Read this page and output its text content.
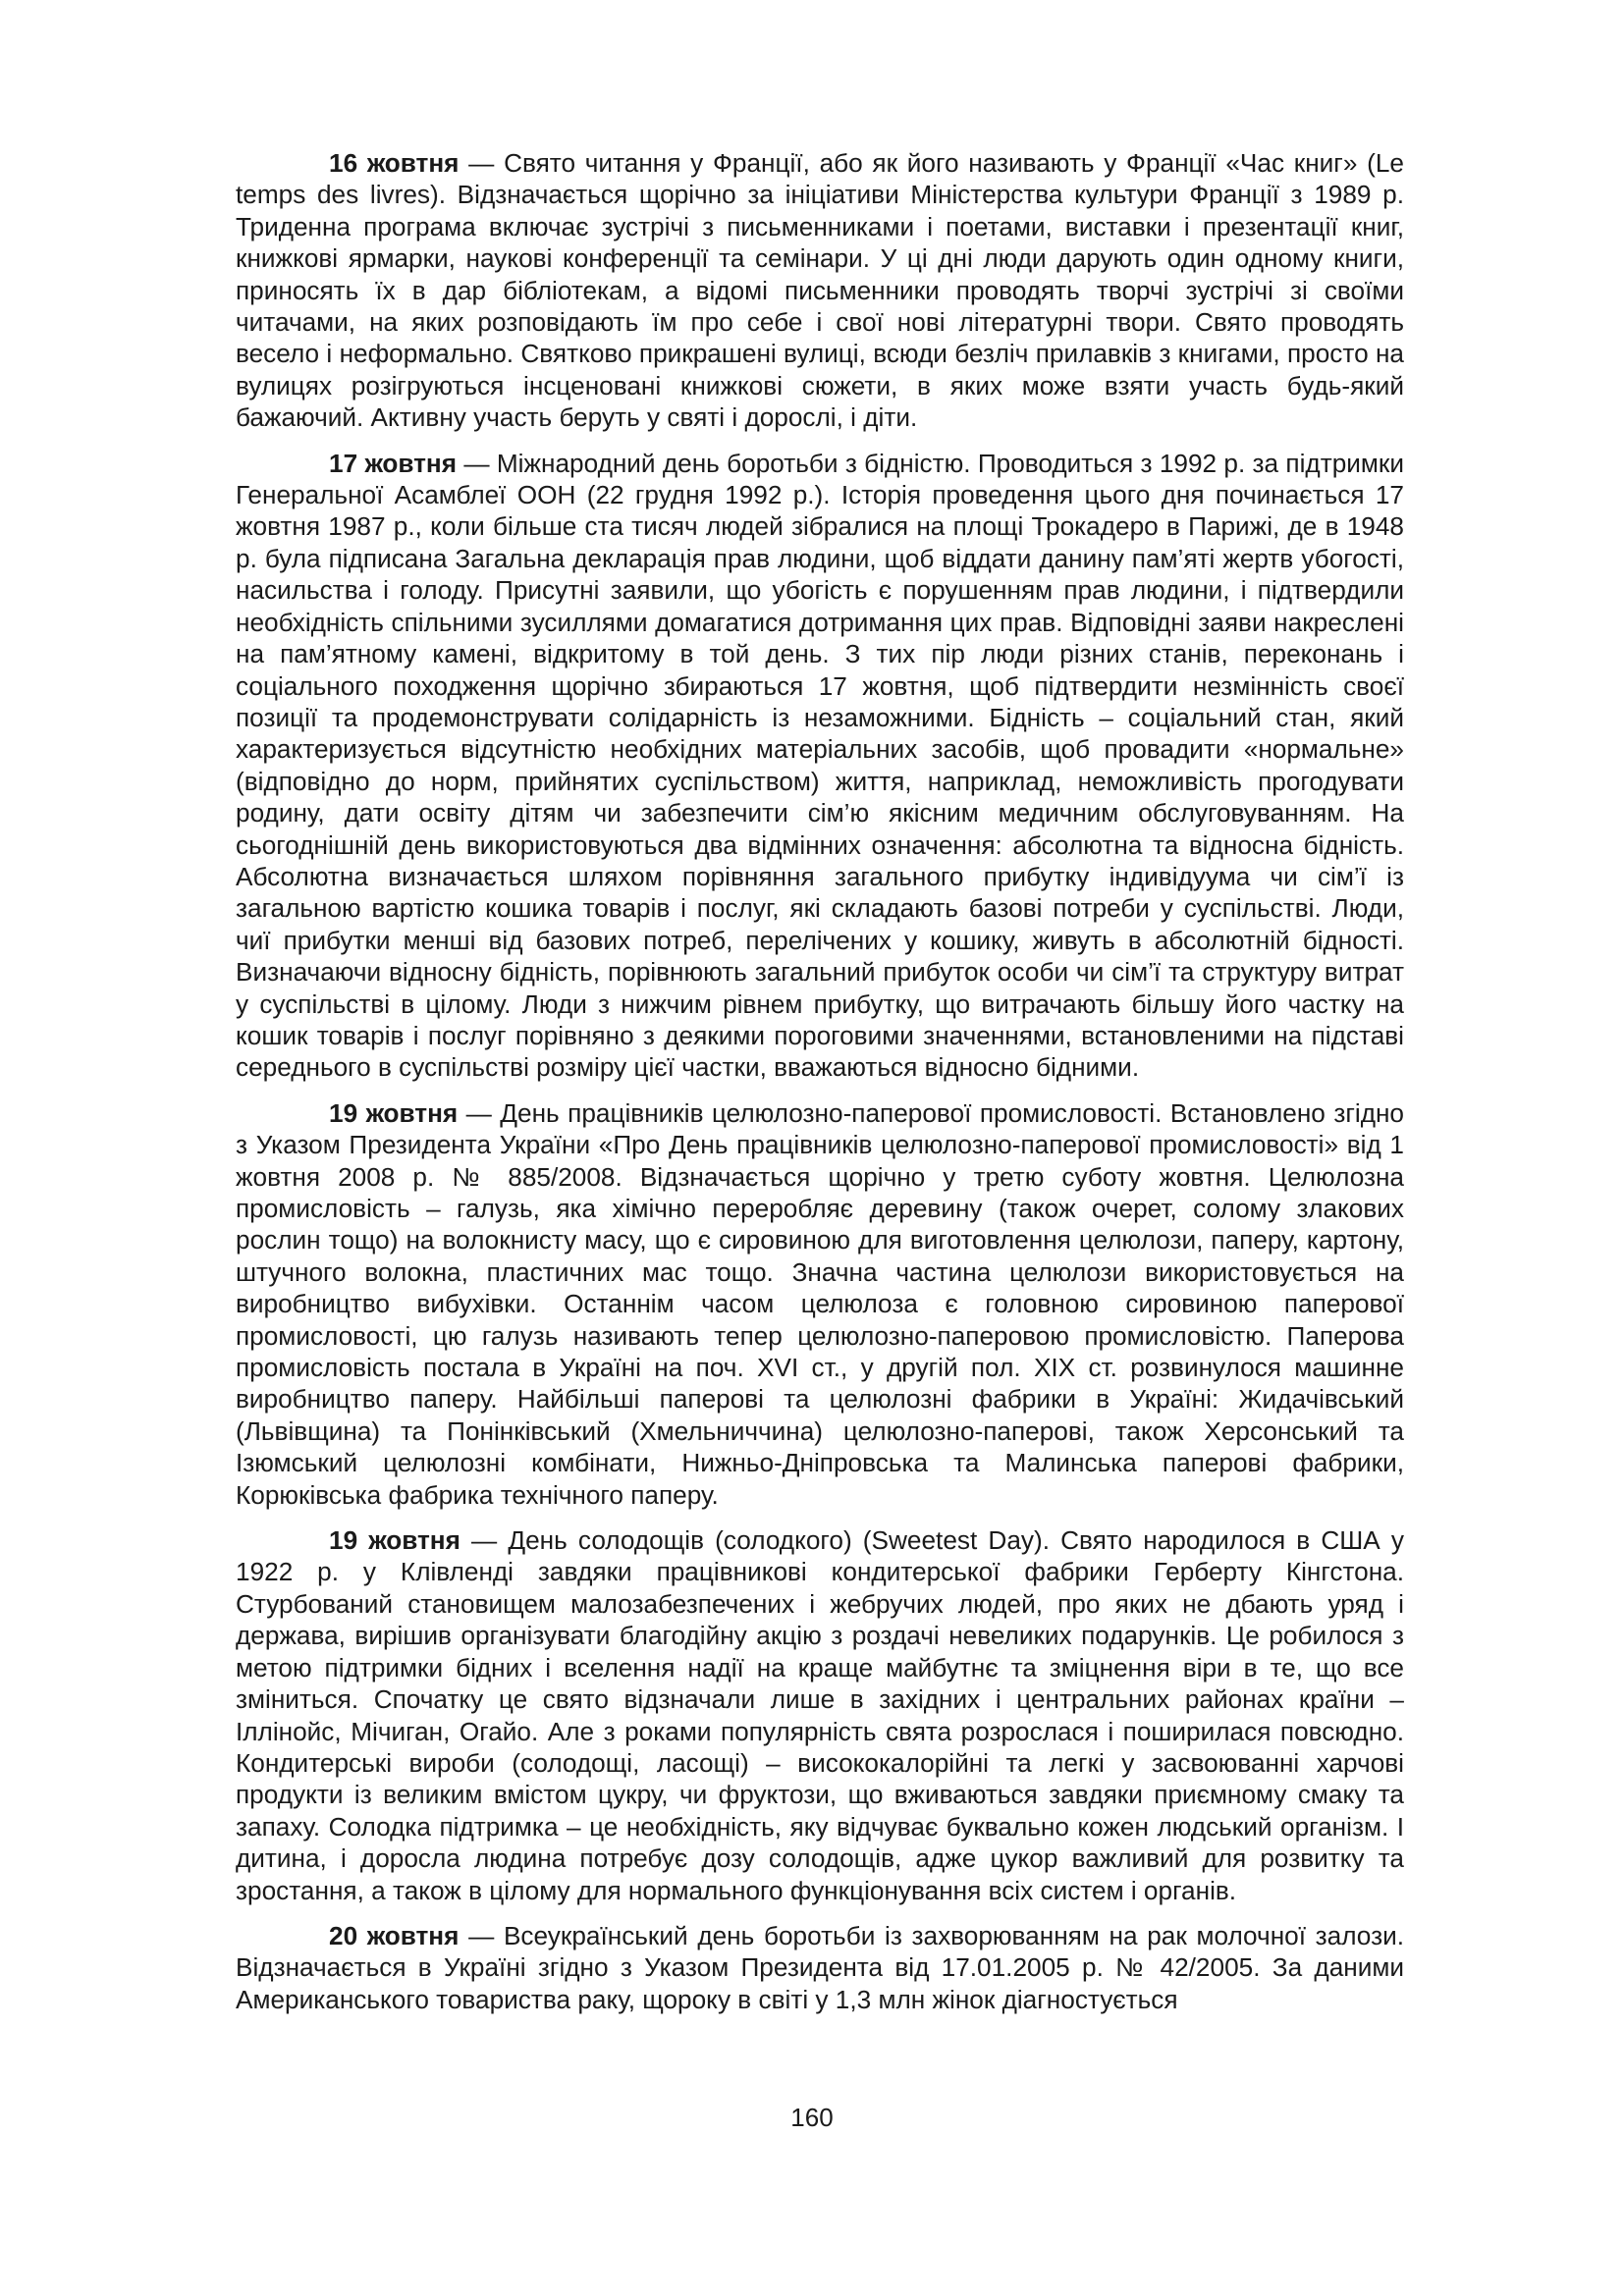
16 жовтня — Свято читання у Франції, або як його називають у Франції «Час книг» (Le temps des livres). Відзначається щорічно за ініціативи Міністерства культури Франції з 1989 р. Триденна програма включає зустрічі з письменниками і поетами, виставки і презентації книг, книжкові ярмарки, наукові конференції та семінари. У ці дні люди дарують один одному книги, приносять їх в дар бібліотекам, а відомі письменники проводять творчі зустрічі зі своїми читачами, на яких розповідають їм про себе і свої нові літературні твори. Свято проводять весело і неформально. Святково прикрашені вулиці, всюди безліч прилавків з книгами, просто на вулицях розігруються інсценовані книжкові сюжети, в яких може взяти участь будь-який бажаючий. Активну участь беруть у святі і дорослі, і діти.

17 жовтня — Міжнародний день боротьби з бідністю. Проводиться з 1992 р. за підтримки Генеральної Асамблеї ООН (22 грудня 1992 р.). Історія проведення цього дня починається 17 жовтня 1987 р., коли більше ста тисяч людей зібралися на площі Трокадеро в Парижі, де в 1948 р. була підписана Загальна декларація прав людини, щоб віддати данину пам’яті жертв убогості, насильства і голоду. Присутні заявили, що убогість є порушенням прав людини, і підтвердили необхідність спільними зусиллями домагатися дотримання цих прав. Відповідні заяви накреслені на пам’ятному камені, відкритому в той день. З тих пір люди різних станів, переконань і соціального походження щорічно збираються 17 жовтня, щоб підтвердити незмінність своєї позиції та продемонструвати солідарність із незаможними. Бідність – соціальний стан, який характеризується відсутністю необхідних матеріальних засобів, щоб провадити «нормальне» (відповідно до норм, прийнятих суспільством) життя, наприклад, неможливість прогодувати родину, дати освіту дітям чи забезпечити сім’ю якісним медичним обслуговуванням. На сьогоднішній день використовуються два відмінних означення: абсолютна та відносна бідність. Абсолютна визначається шляхом порівняння загального прибутку індивідуума чи сім’ї із загальною вартістю кошика товарів і послуг, які складають базові потреби у суспільстві. Люди, чиї прибутки менші від базових потреб, перелічених у кошику, живуть в абсолютній бідності. Визначаючи відносну бідність, порівнюють загальний прибуток особи чи сім’ї та структуру витрат у суспільстві в цілому. Люди з нижчим рівнем прибутку, що витрачають більшу його частку на кошик товарів і послуг порівняно з деякими пороговими значеннями, встановленими на підставі середнього в суспільстві розміру цієї частки, вважаються відносно бідними.

19 жовтня — День працівників целюлозно-паперової промисловості. Встановлено згідно з Указом Президента України «Про День працівників целюлозно-паперової промисловості» від 1 жовтня 2008 р. № 885/2008. Відзначається щорічно у третю суботу жовтня. Целюлозна промисловість – галузь, яка хімічно переробляє деревину (також очерет, солому злакових рослин тощо) на волокнисту масу, що є сировиною для виготовлення целюлози, паперу, картону, штучного волокна, пластичних мас тощо. Значна частина целюлози використовується на виробництво вибухівки. Останнім часом целюлоза є головною сировиною паперової промисловості, цю галузь називають тепер целюлозно-паперовою промисловістю. Паперова промисловість постала в Україні на поч. XVI ст., у другій пол. XIX ст. розвинулося машинне виробництво паперу. Найбільші паперові та целюлозні фабрики в Україні: Жидачівський (Львівщина) та Понінківський (Хмельниччина) целюлозно-паперові, також Херсонський та Ізюмський целюлозні комбінати, Нижньо-Дніпровська та Малинська паперові фабрики, Корюківська фабрика технічного паперу.

19 жовтня — День солодощів (солодкого) (Sweetest Day). Свято народилося в США у 1922 р. у Клівленді завдяки працівникові кондитерської фабрики Герберту Кінгстона. Стурбований становищем малозабезпечених і жебручих людей, про яких не дбають уряд і держава, вирішив організувати благодійну акцію з роздачі невеликих подарунків. Це робилося з метою підтримки бідних і вселення надії на краще майбутнє та зміцнення віри в те, що все зміниться. Спочатку це свято відзначали лише в західних і центральних районах країни – Іллінойс, Мічиган, Огайо. Але з роками популярність свята розрослася і поширилася повсюдно. Кондитерські вироби (солодощі, ласощі) – висококалорійні та легкі у засвоюванні харчові продукти із великим вмістом цукру, чи фруктози, що вживаються завдяки приємному смаку та запаху. Солодка підтримка – це необхідність, яку відчуває буквально кожен людський організм. І дитина, і доросла людина потребує дозу солодощів, адже цукор важливий для розвитку та зростання, а також в цілому для нормального функціонування всіх систем і органів.

20 жовтня — Всеукраїнський день боротьби із захворюванням на рак молочної залози. Відзначається в Україні згідно з Указом Президента від 17.01.2005 р. № 42/2005. За даними Американського товариства раку, щороку в світі у 1,3 млн жінок діагностується

160
